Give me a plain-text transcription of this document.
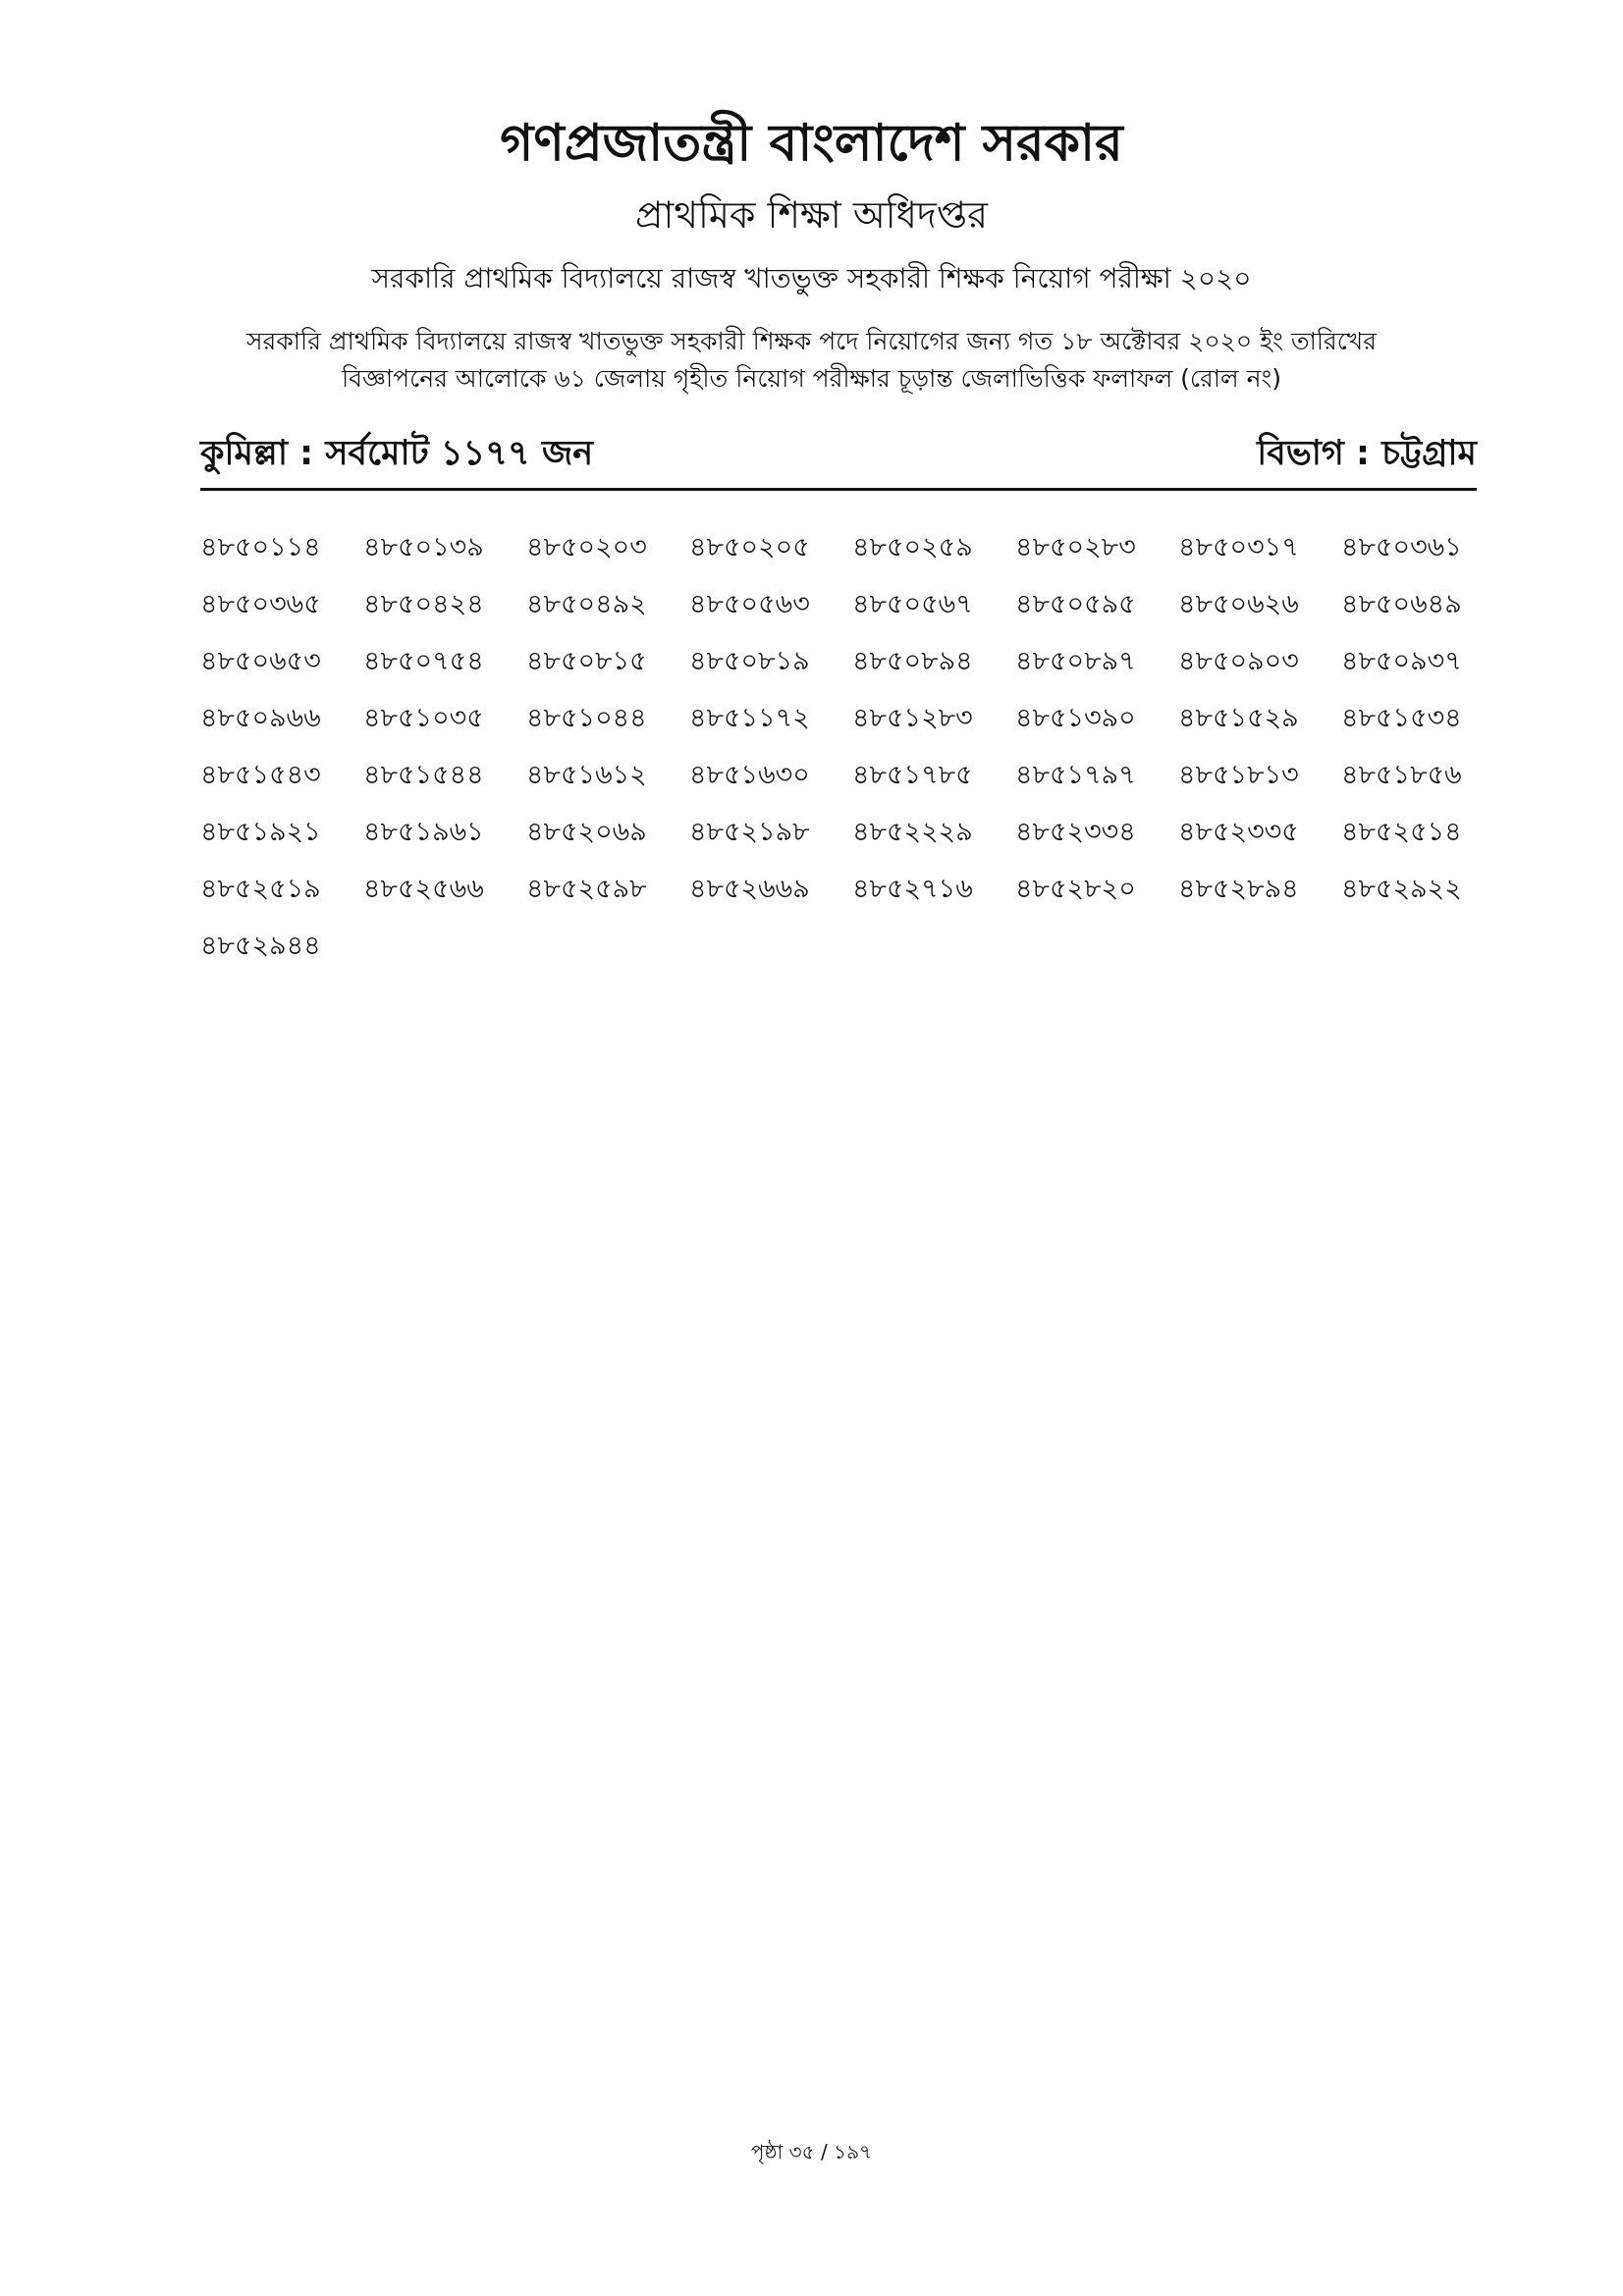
গণপ্রজাতন্ত্রী বাংলাদেশ সরকার
প্রাথমিক শিক্ষা অধিদপ্তর
সরকারি প্রাথমিক বিদ্যালয়ে রাজস্ব খাতভুক্ত সহকারী শিক্ষক নিয়োগ পরীক্ষা ২০২০
সরকারি প্রাথমিক বিদ্যালয়ে রাজস্ব খাতভুক্ত সহকারী শিক্ষক পদে নিয়োগের জন্য গত ১৮ অক্টোবর ২০২০ ইং তারিখের
বিজ্ঞাপনের আলোকে ৬১ জেলায় গৃহীত নিয়োগ পরীক্ষার চূড়ান্ত জেলাভিত্তিক ফলাফল (রোল নং)
কুমিল্লা : সর্বমোট ১১৭৭ জন	বিভাগ : চট্টগ্রাম
৪৮৫০১১৪	৪৮৫০১৩৯	৪৮৫০২০৩	৪৮৫০২০৫	৪৮৫০২৫৯	৪৮৫০২৮৩	৪৮৫০৩১৭	৪৮৫০৩৬১
৪৮৫০৩৬৫	৪৮৫০৪২৪	৪৮৫০৪৯২	৪৮৫০৫৬৩	৪৮৫০৫৬৭	৪৮৫০৫৯৫	৪৮৫০৬২৬	৪৮৫০৬৪৯
৪৮৫০৬৫৩	৪৮৫০৭৫৪	৪৮৫০৮১৫	৪৮৫০৮১৯	৪৮৫০৮৯৪	৪৮৫০৮৯৭	৪৮৫০৯০৩	৪৮৫০৯৩৭
৪৮৫০৯৬৬	৪৮৫১০৩৫	৪৮৫১০৪৪	৪৮৫১১৭২	৪৮৫১২৮৩	৪৮৫১৩৯০	৪৮৫১৫২৯	৪৮৫১৫৩৪
৪৮৫১৫৪৩	৪৮৫১৫৪৪	৪৮৫১৬১২	৪৮৫১৬৩০	৪৮৫১৭৮৫	৪৮৫১৭৯৭	৪৮৫১৮১৩	৪৮৫১৮৫৬
৪৮৫১৯২১	৪৮৫১৯৬১	৪৮৫২০৬৯	৪৮৫২১৯৮	৪৮৫২২২৯	৪৮৫২৩৩৪	৪৮৫২৩৩৫	৪৮৫২৫১৪
৪৮৫২৫১৯	৪৮৫২৫৬৬	৪৮৫২৫৯৮	৪৮৫২৬৬৯	৪৮৫২৭১৬	৪৮৫২৮২০	৪৮৫২৮৯৪	৪৮৫২৯২২
৪৮৫২৯৪৪
পৃষ্ঠা ৩৫ / ১৯৭
